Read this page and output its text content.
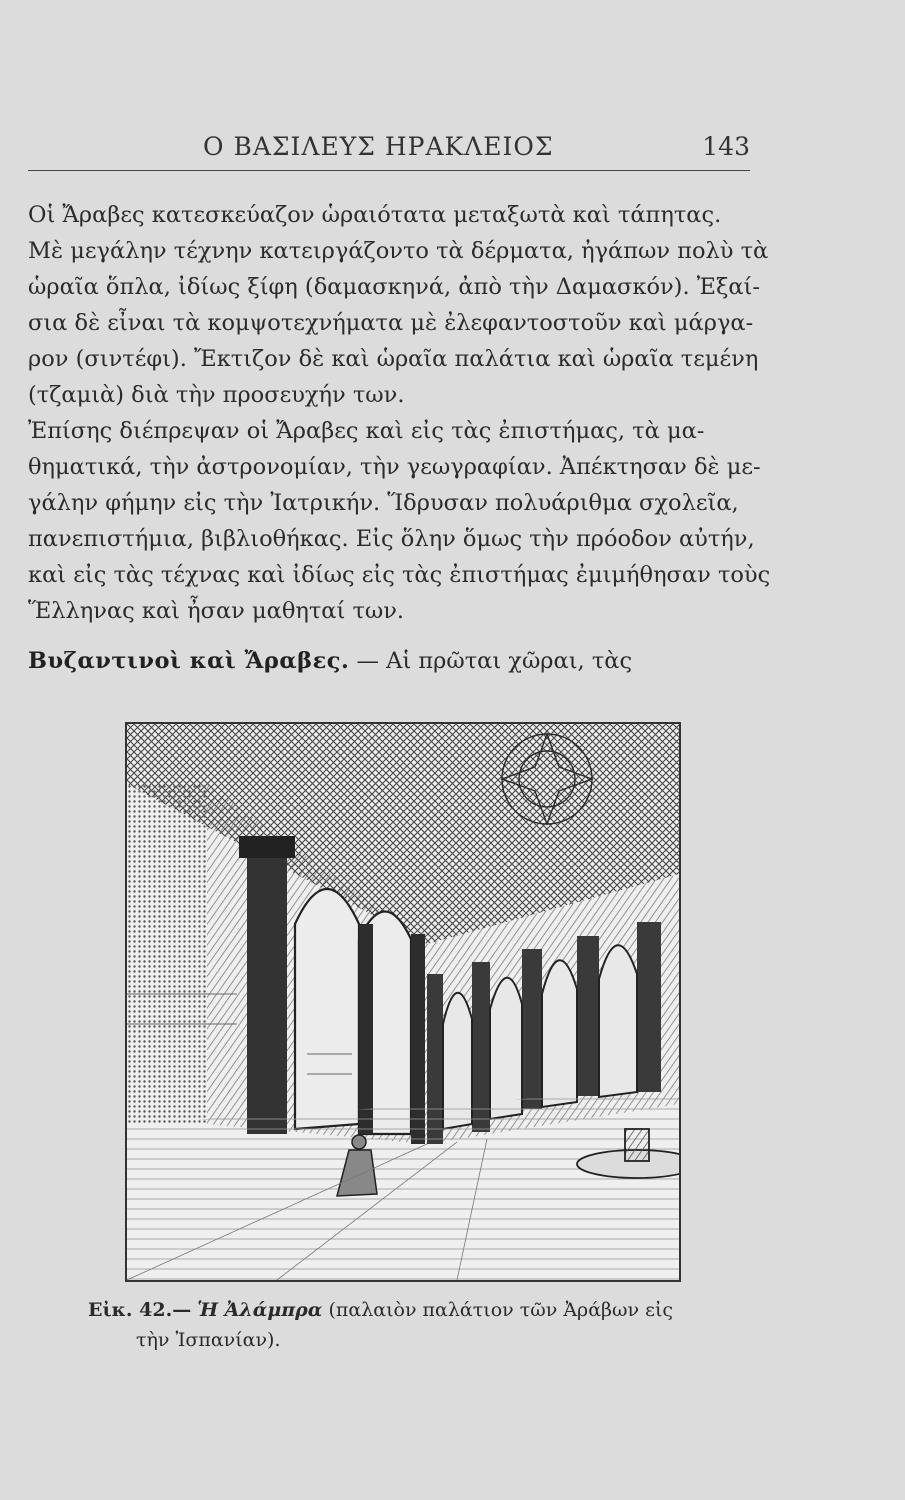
Ο ΒΑΣΙΛΕΥΣ ΗΡΑΚΛΕΙΟΣ	143
Οἱ Ἄραβες κατεσκεύαζον ὡραιότατα μεταξωτὰ καὶ τάπητας.
Μὲ μεγάλην τέχνην κατειργάζοντο τὰ δέρματα, ἠγάπων πολὺ τὰ
ὡραῖα ὅπλα, ἰδίως ξίφη (δαμασκηνά, ἀπὸ τὴν Δαμασκόν). Ἐξαί-
σια δὲ εἶναι τὰ κομψοτεχνήματα μὲ ἐλεφαντοστοῦν καὶ μάργα-
ρον (σιντέφι). Ἔκτιζον δὲ καὶ ὡραῖα παλάτια καὶ ὡραῖα τεμένη
(τζαμιὰ) διὰ τὴν προσευχήν των.
Ἐπίσης διέπρεψαν οἱ Ἄραβες καὶ εἰς τὰς ἐπιστήμας, τὰ μα-
θηματικά, τὴν ἀστρονομίαν, τὴν γεωγραφίαν. Ἀπέκτησαν δὲ με-
γάλην φήμην εἰς τὴν Ἰατρικήν. Ἵδρυσαν πολυάριθμα σχολεῖα,
πανεπιστήμια, βιβλιοθήκας. Εἰς ὅλην ὅμως τὴν πρόοδον αὐτήν,
καὶ εἰς τὰς τέχνας καὶ ἰδίως εἰς τὰς ἐπιστήμας ἐμιμήθησαν τοὺς
Ἕλληνας καὶ ἦσαν μαθηταί των.
Βυζαντινοὶ καὶ Ἄραβες. — Αἱ πρῶται χῶραι, τὰς
Εἰκ. 42.— Ἡ Ἀλάμπρα (παλαιὸν παλάτιον τῶν Ἀράβων εἰς
τὴν Ἰσπανίαν).
